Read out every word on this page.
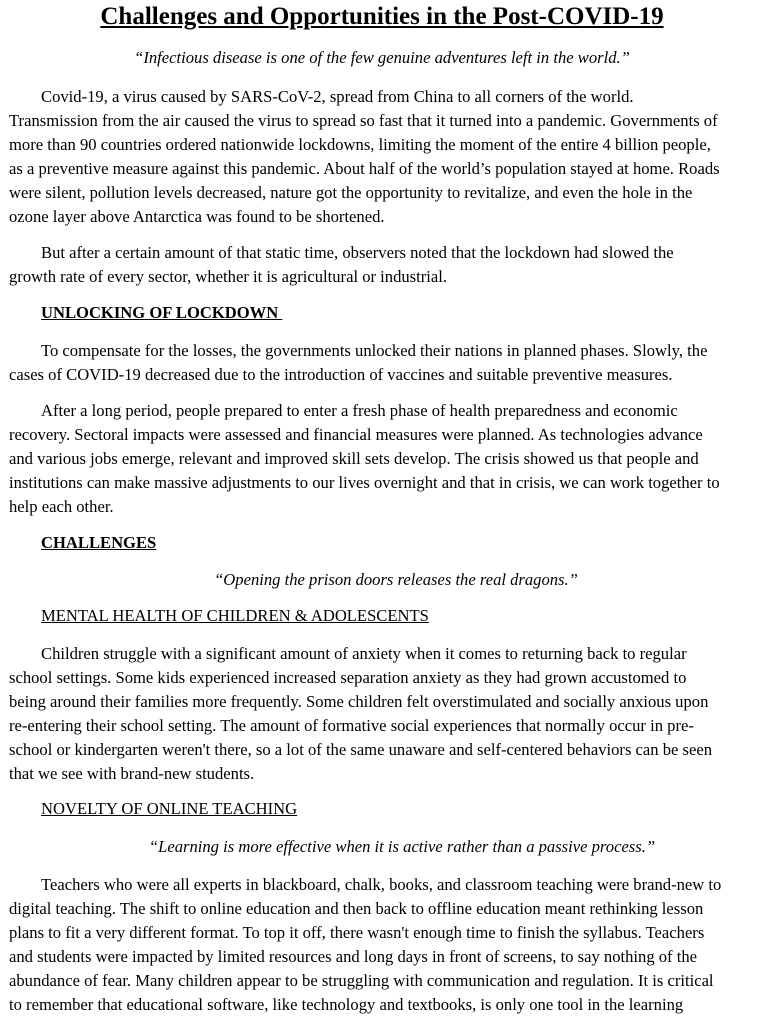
Challenges and Opportunities in the Post-COVID-19
“Infectious disease is one of the few genuine adventures left in the world.”
Covid-19, a virus caused by SARS-CoV-2, spread from China to all corners of the world.
Transmission from the air caused the virus to spread so fast that it turned into a pandemic. Governments of
more than 90 countries ordered nationwide lockdowns, limiting the moment of the entire 4 billion people,
as a preventive measure against this pandemic. About half of the world’s population stayed at home. Roads
were silent, pollution levels decreased, nature got the opportunity to revitalize, and even the hole in the
ozone layer above Antarctica was found to be shortened.
But after a certain amount of that static time, observers noted that the lockdown had slowed the
growth rate of every sector, whether it is agricultural or industrial.
UNLOCKING OF LOCKDOWN
To compensate for the losses, the governments unlocked their nations in planned phases. Slowly, the
cases of COVID-19 decreased due to the introduction of vaccines and suitable preventive measures.
After a long period, people prepared to enter a fresh phase of health preparedness and economic
recovery. Sectoral impacts were assessed and financial measures were planned. As technologies advance
and various jobs emerge, relevant and improved skill sets develop. The crisis showed us that people and
institutions can make massive adjustments to our lives overnight and that in crisis, we can work together to
help each other.
CHALLENGES
“Opening the prison doors releases the real dragons.”
MENTAL HEALTH OF CHILDREN & ADOLESCENTS
Children struggle with a significant amount of anxiety when it comes to returning back to regular
school settings. Some kids experienced increased separation anxiety as they had grown accustomed to
being around their families more frequently. Some children felt overstimulated and socially anxious upon
re-entering their school setting. The amount of formative social experiences that normally occur in pre-
school or kindergarten weren't there, so a lot of the same unaware and self-centered behaviors can be seen
that we see with brand-new students.
NOVELTY OF ONLINE TEACHING
“Learning is more effective when it is active rather than a passive process.”
Teachers who were all experts in blackboard, chalk, books, and classroom teaching were brand-new to
digital teaching. The shift to online education and then back to offline education meant rethinking lesson
plans to fit a very different format. To top it off, there wasn't enough time to finish the syllabus. Teachers
and students were impacted by limited resources and long days in front of screens, to say nothing of the
abundance of fear. Many children appear to be struggling with communication and regulation. It is critical
to remember that educational software, like technology and textbooks, is only one tool in the learning
